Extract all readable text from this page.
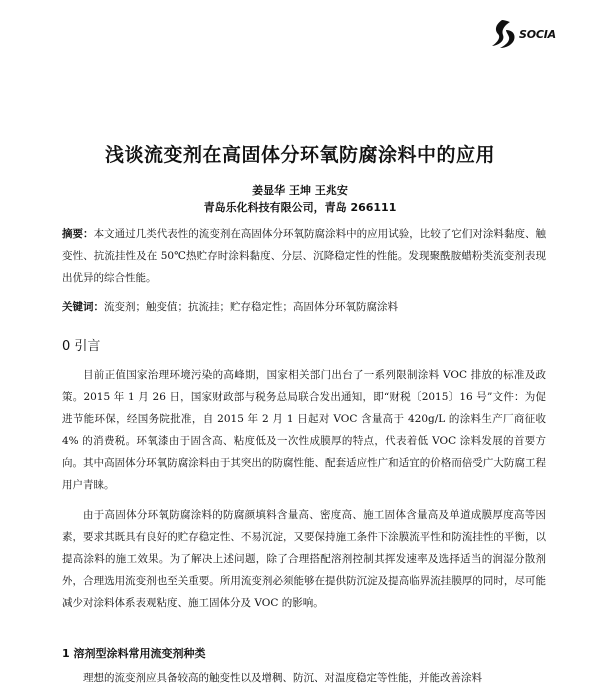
SOCIA
浅谈流变剂在高固体分环氧防腐涂料中的应用
姜显华 王坤 王兆安
青岛乐化科技有限公司，青岛 266111
摘要：本文通过几类代表性的流变剂在高固体分环氧防腐涂料中的应用试验，比较了它们对涂料黏度、触变性、抗流挂性及在 50℃热贮存时涂料黏度、分层、沉降稳定性的性能。发现聚酰胺蜡粉类流变剂表现出优异的综合性能。
关键词：流变剂；触变值；抗流挂；贮存稳定性；高固体分环氧防腐涂料
0 引言
目前正值国家治理环境污染的高峰期，国家相关部门出台了一系列限制涂料 VOC 排放的标准及政策。2015 年 1 月 26 日，国家财政部与税务总局联合发出通知，即“财税〔2015〕16 号”文件：为促进节能环保，经国务院批准，自 2015 年 2 月 1 日起对 VOC 含量高于 420g/L 的涂料生产厂商征收 4% 的消费税。环氧漆由于固含高、粘度低及一次性成膜厚的特点，代表着低 VOC 涂料发展的首要方向。其中高固体分环氧防腐涂料由于其突出的防腐性能、配套适应性广和适宜的价格而倍受广大防腐工程用户青睐。
由于高固体分环氧防腐涂料的防腐颜填料含量高、密度高、施工固体含量高及单道成膜厚度高等因素，要求其既具有良好的贮存稳定性、不易沉淀，又要保持施工条件下涂膜流平性和防流挂性的平衡，以提高涂料的施工效果。为了解决上述问题，除了合理搭配溶剂控制其挥发速率及选择适当的润湿分散剂外，合理选用流变剂也至关重要。所用流变剂必须能够在提供防沉淀及提高临界流挂膜厚的同时，尽可能减少对涂料体系表观粘度、施工固体分及 VOC 的影响。
1 溶剂型涂料常用流变剂种类
理想的流变剂应具备较高的触变性以及增稠、防沉、对温度稳定等性能，并能改善涂料
